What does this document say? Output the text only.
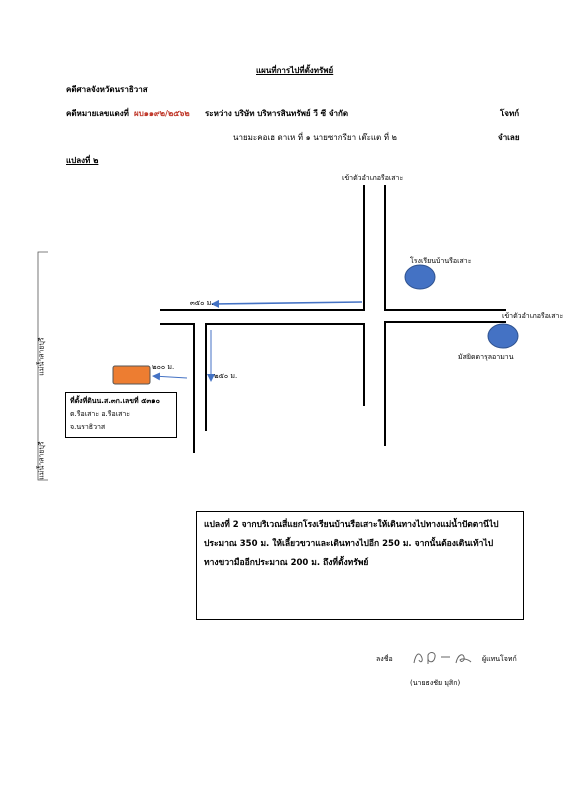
แผนที่การไปที่ตั้งทรัพย์
คดีศาลจังหวัดนราธิวาส
คดีหมายเลขแดงที่ ผบ๑๑๙๒/๒๕๖๒ ระหว่าง บริษัท บริหารสินทรัพย์ วี ซี จำกัด	โจทก์
นายมะคอเฮ ดาเห ที่ ๑ นายซากรียา เต๊ะแต ที่ ๒	จำเลย
แปลงที่ ๒
เข้าตัวอำเภอรือเสาะ
เข้าตัวอำเภอรือเสาะ
โรงเรียนบ้านรือเสาะ
มัสยิดดารุลอามาน
๓๕๐ ม.
๒๕๐ ม.
๒๐๐ ม.
แม่น้ำสายบุรี
แม่น้ำสายบุรี
ที่ตั้งที่ดินน.ส.๓ก.เลขที่ ๕๓๑๐
ต.รือเสาะ อ.รือเสาะ
จ.นราธิวาส
แปลงที่ 2 จากบริเวณสี่แยกโรงเรียนบ้านรือเสาะให้เดินทางไปทางแม่น้ำปัตตานีไป
ประมาณ 350 ม. ให้เลี้ยวขวาและเดินทางไปอีก 250 ม. จากนั้นต้องเดินเท้าไป
ทางขวามืออีกประมาณ 200 ม. ถึงที่ตั้งทรัพย์
ลงชื่อ	ผู้แทนโจทก์
(นายธงชัย มุสิก)
